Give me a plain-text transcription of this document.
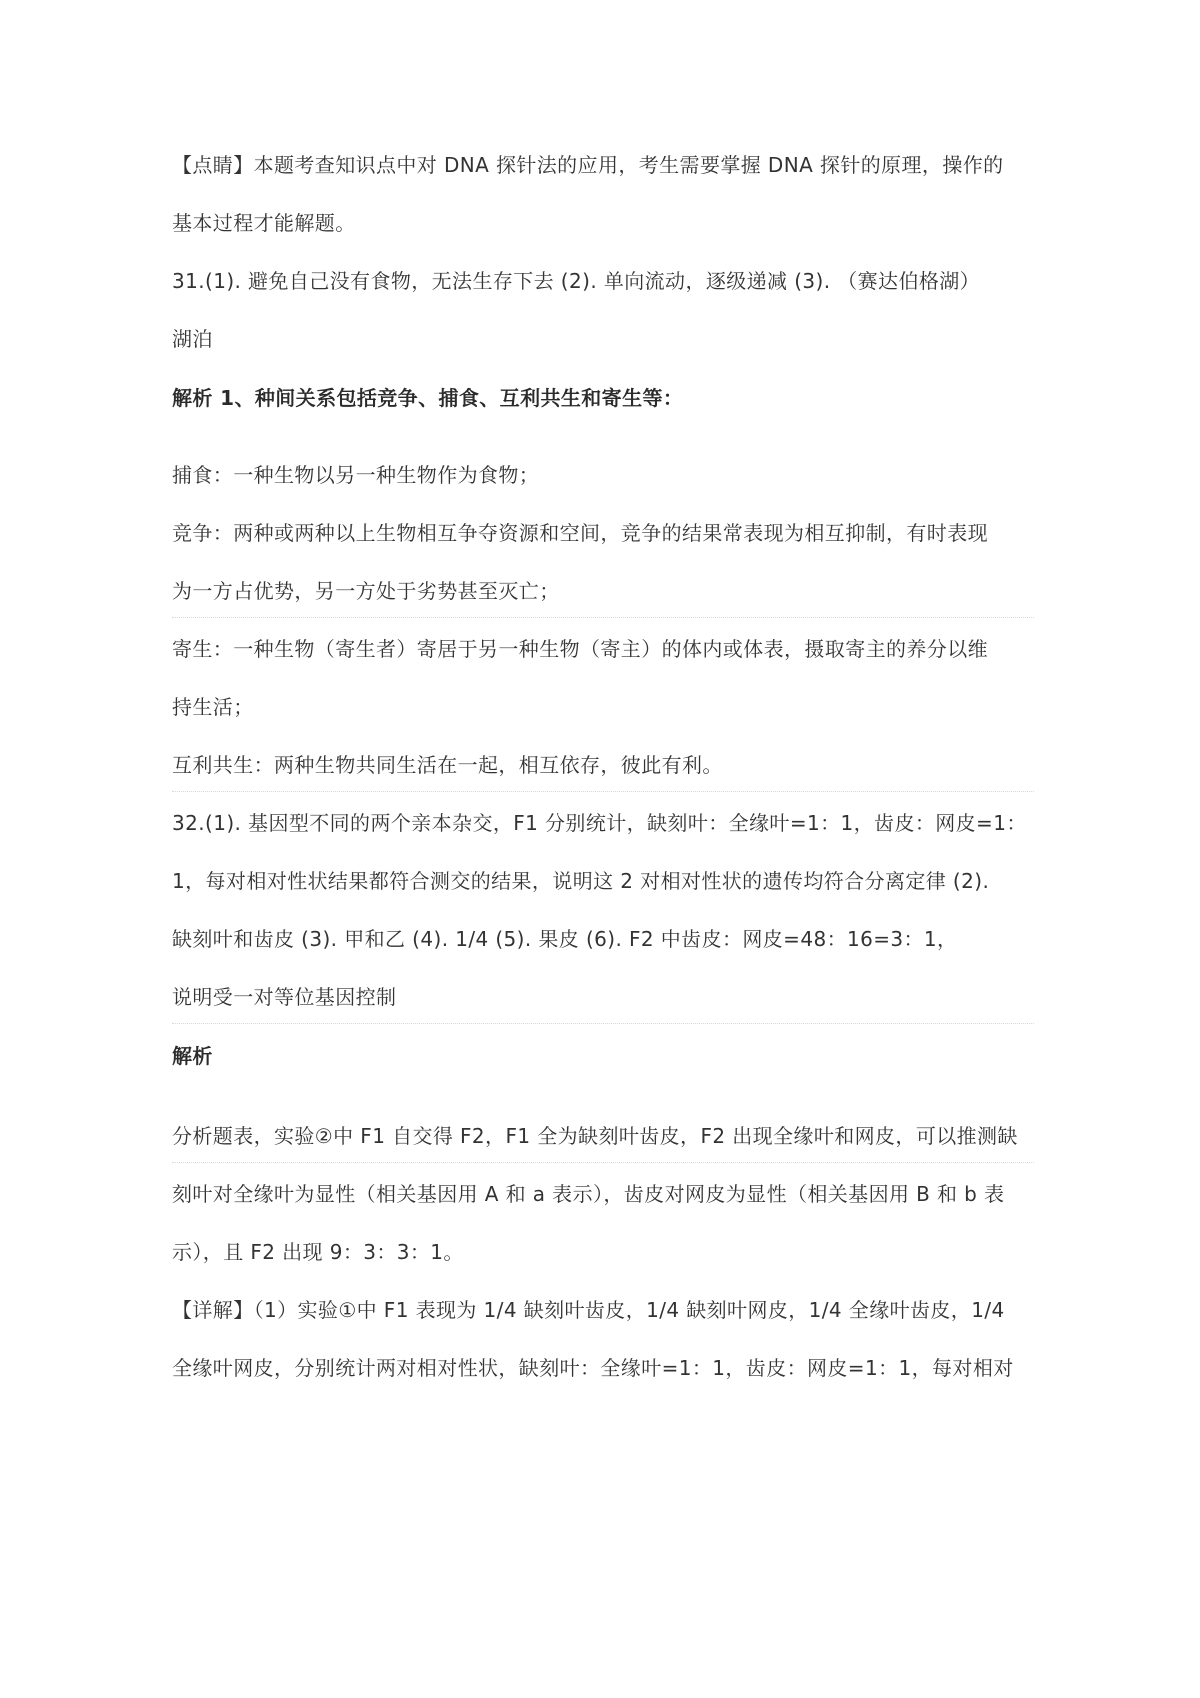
【点睛】本题考查知识点中对 DNA 探针法的应用，考生需要掌握 DNA 探针的原理，操作的
基本过程才能解题。
31.(1). 避免自己没有食物，无法生存下去 (2). 单向流动，逐级递减 (3). （赛达伯格湖）
湖泊
解析 1、种间关系包括竞争、捕食、互利共生和寄生等：
捕食：一种生物以另一种生物作为食物；
竞争：两种或两种以上生物相互争夺资源和空间，竞争的结果常表现为相互抑制，有时表现
为一方占优势，另一方处于劣势甚至灭亡；
寄生：一种生物（寄生者）寄居于另一种生物（寄主）的体内或体表，摄取寄主的养分以维
持生活；
互利共生：两种生物共同生活在一起，相互依存，彼此有利。
32.(1). 基因型不同的两个亲本杂交，F1 分别统计，缺刻叶：全缘叶=1：1，齿皮：网皮=1：
1，每对相对性状结果都符合测交的结果，说明这 2 对相对性状的遗传均符合分离定律 (2).
缺刻叶和齿皮 (3). 甲和乙 (4). 1/4 (5). 果皮 (6). F2 中齿皮：网皮=48：16=3：1，
说明受一对等位基因控制
解析
分析题表，实验②中 F1 自交得 F2，F1 全为缺刻叶齿皮，F2 出现全缘叶和网皮，可以推测缺
刻叶对全缘叶为显性（相关基因用 A 和 a 表示），齿皮对网皮为显性（相关基因用 B 和 b 表
示），且 F2 出现 9：3：3：1。
【详解】（1）实验①中 F1 表现为 1/4 缺刻叶齿皮，1/4 缺刻叶网皮，1/4 全缘叶齿皮，1/4
全缘叶网皮，分别统计两对相对性状，缺刻叶：全缘叶=1：1，齿皮：网皮=1：1，每对相对
